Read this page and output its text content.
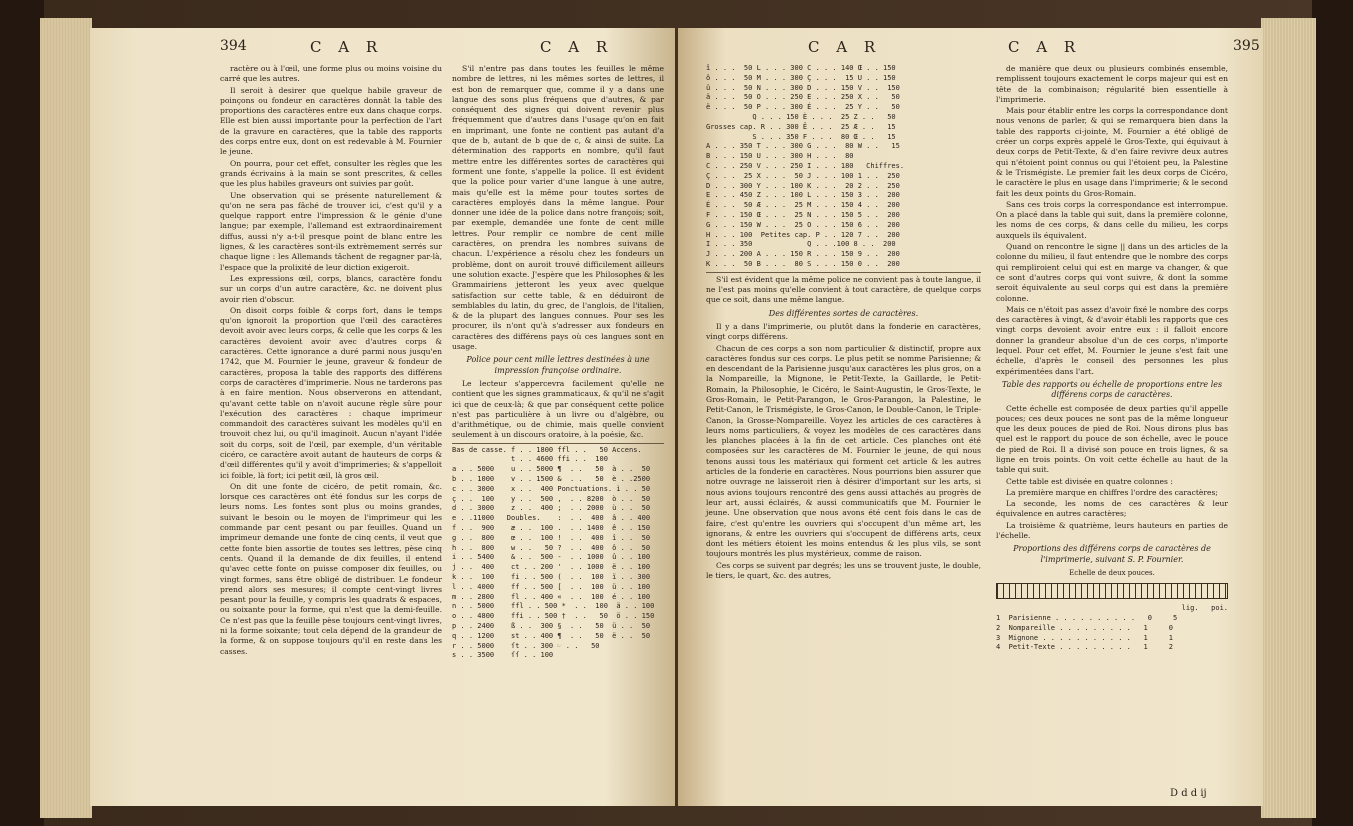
394	C A R	C A R

ractère ou à l'œil, une forme plus ou moins voisine du carré que les autres.

Il seroit à desirer que quelque habile graveur de poinçons ou fondeur en caractères donnât la table des proportions des caractères entre eux dans chaque corps. Elle est bien aussi importante pour la perfection de l'art de la gravure en caractères, que la table des rapports des corps entre eux, dont on est redevable à M. Fournier le jeune.

On pourra, pour cet effet, consulter les règles que les grands écrivains à la main se sont prescrites, & celles que les plus habiles graveurs ont suivies par goût.

Une observation qui se présente naturellement & qu'on ne sera pas fâché de trouver ici, c'est qu'il y a quelque rapport entre l'impression & le génie d'une langue; par exemple, l'allemand est extraordinairement diffus, aussi n'y a-t-il presque point de blanc entre les lignes, & les caractères sont-ils extrèmement serrés sur chaque ligne : les Allemands tâchent de regagner par-là, l'espace que la prolixité de leur diction exigeroit.

Les expressions œil, corps, blancs, caractère fondu sur un corps d'un autre caractère, &c. ne doivent plus avoir rien d'obscur.

On disoit corps foible & corps fort, dans le temps qu'on ignoroit la proportion que l'œil des caractères devoit avoir avec leurs corps, & celle que les corps & les caractères devoient avoir avec d'autres corps & caractères. Cette ignorance a duré parmi nous jusqu'en 1742, que M. Fournier le jeune, graveur & fondeur de caractères, proposa la table des rapports des différens corps de caractères d'imprimerie. Nous ne tarderons pas à en faire mention. Nous observerons en attendant, qu'avant cette table on n'avoit aucune règle sûre pour l'exécution des caractères : chaque imprimeur commandoit des caractères suivant les modèles qu'il en trouvoit chez lui, ou qu'il imaginoit. Aucun n'ayant l'idée soit du corps, soit de l'œil, par exemple, d'un véritable cicéro, ce caractère avoit autant de hauteurs de corps & d'œil différentes qu'il y avoit d'imprimeries; & s'appelloit ici foible, là fort; ici petit œil, là gros œil.

On dit une fonte de cicéro, de petit romain, &c. lorsque ces caractères ont été fondus sur les corps de leurs noms. Les fontes sont plus ou moins grandes, suivant le besoin ou le moyen de l'imprimeur qui les commande par cent pesant ou par feuilles. Quand un imprimeur demande une fonte de cinq cents, il veut que cette fonte bien assortie de toutes ses lettres, pèse cinq cents. Quand il la demande de dix feuilles, il entend qu'avec cette fonte on puisse composer dix feuilles, ou vingt formes, sans être obligé de distribuer. Le fondeur prend alors ses mesures; il compte cent-vingt livres pesant pour la feuille, y compris les quadrats & espaces, ou soixante pour la forme, qui n'est que la demi-feuille. Ce n'est pas que la feuille pèse toujours cent-vingt livres, ni la forme soixante; tout cela dépend de la grandeur de la forme, & on suppose toujours qu'il en reste dans les casses.

S'il n'entre pas dans toutes les feuilles le même nombre de lettres, ni les mêmes sortes de lettres, il est bon de remarquer que, comme il y a dans une langue des sons plus fréquens que d'autres, & par conséquent des signes qui doivent revenir plus fréquemment que d'autres dans l'usage qu'on en fait en imprimant, une fonte ne contient pas autant d'a que de b, autant de b que de c, & ainsi de suite. La détermination des rapports en nombre, qu'il faut mettre entre les différentes sortes de caractères qui forment une fonte, s'appelle la police. Il est évident que la police pour varier d'une langue à une autre, mais qu'elle est la même pour toutes sortes de caractères employés dans la même langue. Pour donner une idée de la police dans notre françois; soit, par exemple, demandée une fonte de cent mille lettres. Pour remplir ce nombre de cent mille caractères, on prendra les nombres suivans de chacun. L'expérience a résolu chez les fondeurs un problème, dont on auroit trouvé difficilement ailleurs une solution exacte. J'espère que les Philosophes & les Grammairiens jetteront les yeux avec quelque satisfaction sur cette table, & en déduiront de semblables du latin, du grec, de l'anglois, de l'italien, & de la plupart des langues connues. Pour ses les procurer, ils n'ont qu'à s'adresser aux fondeurs en caractères des différens pays où ces langues sont en usage.

Police pour cent mille lettres destinées à une impression françoise ordinaire.

Le lecteur s'appercevra facilement qu'elle ne contient que les signes grammaticaux, & qu'il ne s'agit ici que de ceux-là; & que par conséquent cette police n'est pas particulière à un livre ou d'algèbre, ou d'arithmétique, ou de chimie, mais quelle convient seulement à un discours oratoire, à la poésie, &c.

Bas de casse. f . . 1800 ffl . .   50 Accens.
t . . 4600 ffi . .  100
a . . 5000    u . . 5000 ¶  . .   50  à . .  50
b . . 1000    v . . 1500 &  . .   50  è . .2500
c . . 3000    x . .  400 Ponctuations. ì . . 50
ç . .  100    y . .  500 ,  . . 8200  ò . .  50
d . . 3000    z . .  400 ;  . . 2000  ù . .  50
e . .11000   Doubles.    :  . .  400  â . . 400
f . .  900    æ . .  100 .  . . 1400  ê . . 150
g . .  800    œ . .  100 !  . .  400  î . .  50
h . .  800    w . .   50 ?  . .  400  ô . .  50
i . . 5400    & . .  500 -  . . 1000  û . . 100
j . .  400    ct . . 200 '  . . 1000  ë . . 100
k . .  100    fi . . 500 (  . .  100  ï . . 300
l . . 4000    ff . . 500 [  . .  100  ü . . 100
m . . 2800    fl . . 400 «  . .  100  é . . 100
n . . 5000    ffl . . 500 *  . .  100  ä . . 100
o . . 4800    ffi . . 500 †  . .   50  ö . . 150
p . . 2400    ß . .  300 §  . .   50  ü . .  50
q . . 1200    st . . 400 ¶  . .   50  ë . .  50
r . . 5000    ſt . . 300 ☞ . .   50
s . . 3500    ſſ . . 100
C A R	C A R	395
î . . .  50 L . . . 300 C . . . 140 Œ . . 150
ô . . .  50 M . . . 300 Ç . . .  15 U . . 150
û . . .  50 N . . . 300 D . . . 150 V . .  150
ä . . .  50 O . . . 250 E . . . 250 X . .   50
ë . . .  50 P . . . 300 É . . .  25 Y . .   50
Q . . . 150 È . . .  25 Z . .   50
Grosses cap. R . . 300 Ê . . .  25 Æ . .   15
S . . . 350 F . . .  80 Œ . .   15
A . . . 350 T . . . 300 G . . .  80 W . .   15
B . . . 150 U . . . 300 H . . .  80
C . . . 250 V . . . 250 I . . . 180   Chiffres.
Ç . . .  25 X . . .  50 J . . . 100 1 . .  250
D . . . 300 Y . . . 100 K . . .  20 2 . .  250
E . . . 450 Z . . . 100 L . . . 150 3 . .  200
É . . .  50 Æ . . .  25 M . . . 150 4 . .  200
F . . . 150 Œ . . .  25 N . . . 150 5 . .  200
G . . . 150 W . . .  25 O . . . 150 6 . .  200
H . . . 100  Petites cap. P . . 120 7 . .  200
I . . . 350             Q . . .100 8 . .  200
J . . . 200 A . . . 150 R . . . 150 9 . .  200
K . . .  50 B . . .  80 S . . . 150 0 . .  200

S'il est évident que la même police ne convient pas à toute langue, il ne l'est pas moins qu'elle convient à tout caractère, de quelque corps que ce soit, dans une même langue.

Des différentes sortes de caractères.

Il y a dans l'imprimerie, ou plutôt dans la fonderie en caractères, vingt corps différens.

Chacun de ces corps a son nom particulier & distinctif, propre aux caractères fondus sur ces corps. Le plus petit se nomme Parisienne; & en descendant de la Parisienne jusqu'aux caractères les plus gros, on a la Nompareille, la Mignone, le Petit-Texte, la Gaillarde, le Petit-Romain, la Philosophie, le Cicéro, le Saint-Augustin, le Gros-Texte, le Gros-Romain, le Petit-Parangon, le Gros-Parangon, la Palestine, le Petit-Canon, le Trismégiste, le Gros-Canon, le Double-Canon, le Triple-Canon, la Grosse-Nompareille. Voyez les articles de ces caractères à leurs noms particuliers, & voyez les modèles de ces caractères dans les planches placées à la fin de cet article. Ces planches ont été composées sur les caractères de M. Fournier le jeune, de qui nous tenons aussi tous les matériaux qui forment cet article & les autres articles de la fonderie en caractères. Nous pourrions bien assurer que notre ouvrage ne laisseroit rien à désirer d'important sur les arts, si nous avions toujours rencontré des gens aussi attachés au progrès de leur art, aussi éclairés, & aussi communicatifs que M. Fournier le jeune. Une observation que nous avons été cent fois dans le cas de faire, c'est qu'entre les ouvriers qui s'occupent d'un même art, les ignorans, & entre les ouvriers qui s'occupent de différens arts, ceux dont les métiers étoient les moins entendus & les plus vils, se sont toujours montrés les plus mystérieux, comme de raison.

Ces corps se suivent par degrés; les uns se trouvent juste, le double, le tiers, le quart, &c. des autres,

de manière que deux ou plusieurs combinés ensemble, remplissent toujours exactement le corps majeur qui est en tête de la combinaison; régularité bien essentielle à l'imprimerie.

Mais pour établir entre les corps la correspondance dont nous venons de parler, & qui se remarquera bien dans la table des rapports ci-jointe, M. Fournier a été obligé de créer un corps exprès appelé le Gros-Texte, qui équivaut à deux corps de Petit-Texte, & d'en faire revivre deux autres qui n'étoient point connus ou qui l'étoient peu, la Palestine & le Trismégiste. Le premier fait les deux corps de Cicéro, le caractère le plus en usage dans l'imprimerie; & le second fait les deux points du Gros-Romain.

Sans ces trois corps la correspondance est interrompue. On a placé dans la table qui suit, dans la première colonne, les noms de ces corps, & dans celle du milieu, les corps auxquels ils équivalent.

Quand on rencontre le signe || dans un des articles de la colonne du milieu, il faut entendre que le nombre des corps qui rempliroient celui qui est en marge va changer, & que ce sont d'autres corps qui vont suivre, & dont la somme seroit équivalente au seul corps qui est dans la première colonne.

Mais ce n'étoit pas assez d'avoir fixé le nombre des corps des caractères à vingt, & d'avoir établi les rapports que ces vingt corps devoient avoir entre eux : il falloit encore donner la grandeur absolue d'un de ces corps, n'importe lequel. Pour cet effet, M. Fournier le jeune s'est fait une échelle, d'après le conseil des personnes les plus expérimentées dans l'art.

Table des rapports ou échelle de proportions entre les différens corps de caractères.

Cette échelle est composée de deux parties qu'il appelle pouces; ces deux pouces ne sont pas de la même longueur que les deux pouces de pied de Roi. Nous dirons plus bas quel est le rapport du pouce de son échelle, avec le pouce de pied de Roi. Il a divisé son pouce en trois lignes, & sa ligne en trois points. On voit cette échelle au haut de la table qui suit.

Cette table est divisée en quatre colonnes :

La première marque en chiffres l'ordre des caractères;

La seconde, les noms de ces caractères & leur équivalence en autres caractères;

La troisième & quatrième, leurs hauteurs en parties de l'échelle.

Proportions des différens corps de caractères de l'imprimerie, suivant S. P. Fournier.
Echelle de deux pouces.
lig.   poi.
1  Parisienne . . . . . . . . . .   0     5
2  Nompareille . . . . . . . . .   1     0
3  Mignone . . . . . . . . . . .   1     1
4  Petit-Texte . . . . . . . . .   1     2
D d d ij
